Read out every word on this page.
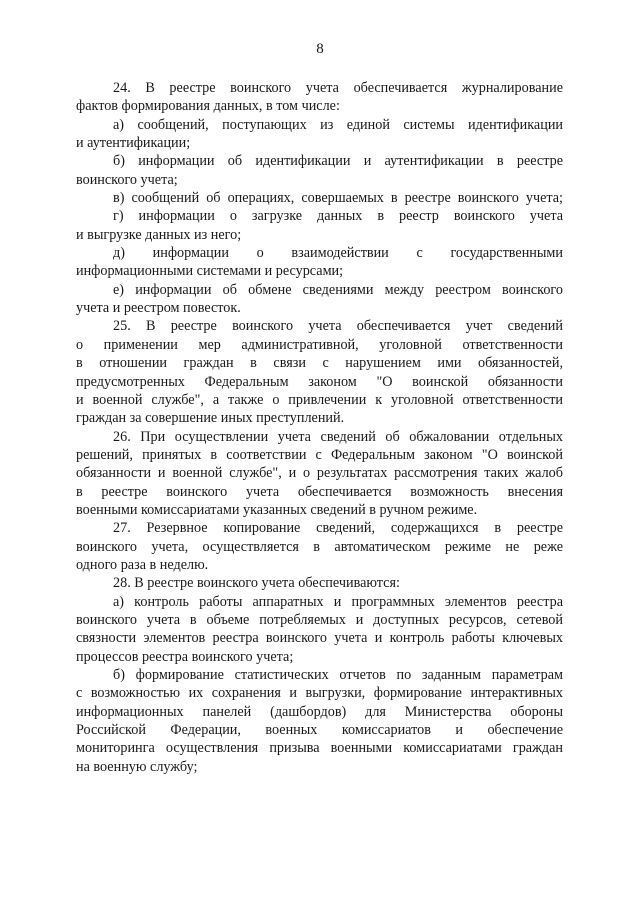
8
24. В реестре воинского учета обеспечивается журналирование
фактов формирования данных, в том числе:
а) сообщений, поступающих из единой системы идентификации
и аутентификации;
б) информации об идентификации и аутентификации в реестре
воинского учета;
в) сообщений об операциях, совершаемых в реестре воинского учета;
г) информации о загрузке данных в реестр воинского учета
и выгрузке данных из него;
д) информации о взаимодействии с государственными
информационными системами и ресурсами;
е) информации об обмене сведениями между реестром воинского
учета и реестром повесток.
25. В реестре воинского учета обеспечивается учет сведений
о применении мер административной, уголовной ответственности
в отношении граждан в связи с нарушением ими обязанностей,
предусмотренных Федеральным законом "О воинской обязанности
и военной службе", а также о привлечении к уголовной ответственности
граждан за совершение иных преступлений.
26. При осуществлении учета сведений об обжаловании отдельных
решений, принятых в соответствии с Федеральным законом "О воинской
обязанности и военной службе", и о результатах рассмотрения таких жалоб
в реестре воинского учета обеспечивается возможность внесения
военными комиссариатами указанных сведений в ручном режиме.
27. Резервное копирование сведений, содержащихся в реестре
воинского учета, осуществляется в автоматическом режиме не реже
одного раза в неделю.
28. В реестре воинского учета обеспечиваются:
а) контроль работы аппаратных и программных элементов реестра
воинского учета в объеме потребляемых и доступных ресурсов, сетевой
связности элементов реестра воинского учета и контроль работы ключевых
процессов реестра воинского учета;
б) формирование статистических отчетов по заданным параметрам
с возможностью их сохранения и выгрузки, формирование интерактивных
информационных панелей (дашбордов) для Министерства обороны
Российской Федерации, военных комиссариатов и обеспечение
мониторинга осуществления призыва военными комиссариатами граждан
на военную службу;
